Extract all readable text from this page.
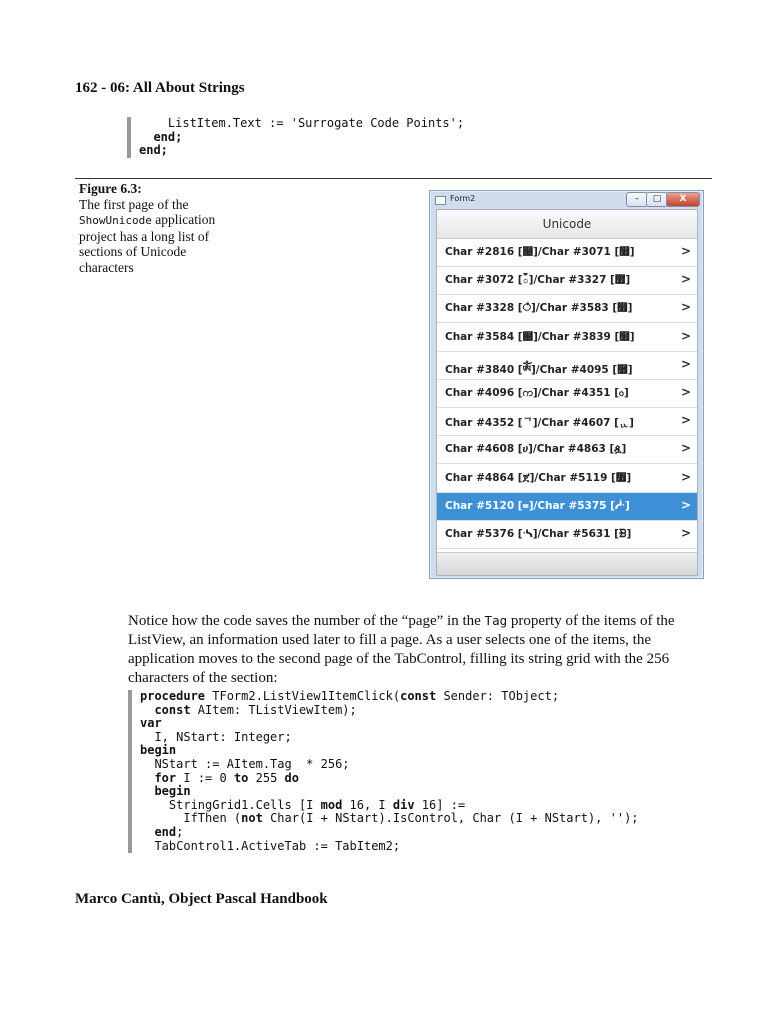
162 - 06: All About Strings
ListItem.Text := 'Surrogate Code Points';
end;
end;
Figure 6.3:
The first page of the ShowUnicode application project has a long list of sections of Unicode characters
Form2	–	□	X
Unicode
Char #2816 [଀]/Char #3071 [௿]	>
Char #3072 [ఀ]/Char #3327 [೿]	>
Char #3328 [ഀ]/Char #3583 [෿]	>
Char #3584 [฀]/Char #3839 [໿]	>
Char #3840 [ༀ]/Char #4095 [࿿]	>
Char #4096 [က]/Char #4351 [ჿ]	>
Char #4352 [ᄀ]/Char #4607 [ᇿ]	>
Char #4608 [ሀ]/Char #4863 [ዿ]	>
Char #4864 [ጀ]/Char #5119 [᏿]	>
Char #5120 [᐀]/Char #5375 [ᓿ]	>
Char #5376 [ᔀ]/Char #5631 [ᗿ]	>
Notice how the code saves the number of the “page” in the Tag property of the items of the ListView, an information used later to fill a page. As a user selects one of the items, the application moves to the second page of the TabControl, filling its string grid with the 256 characters of the section:
procedure TForm2.ListView1ItemClick(const Sender: TObject;
const AItem: TListViewItem);
var
I, NStart: Integer;
begin
NStart := AItem.Tag  * 256;
for I := 0 to 255 do
begin
StringGrid1.Cells [I mod 16, I div 16] :=
IfThen (not Char(I + NStart).IsControl, Char (I + NStart), '');
end;
TabControl1.ActiveTab := TabItem2;
Marco Cantù, Object Pascal Handbook
